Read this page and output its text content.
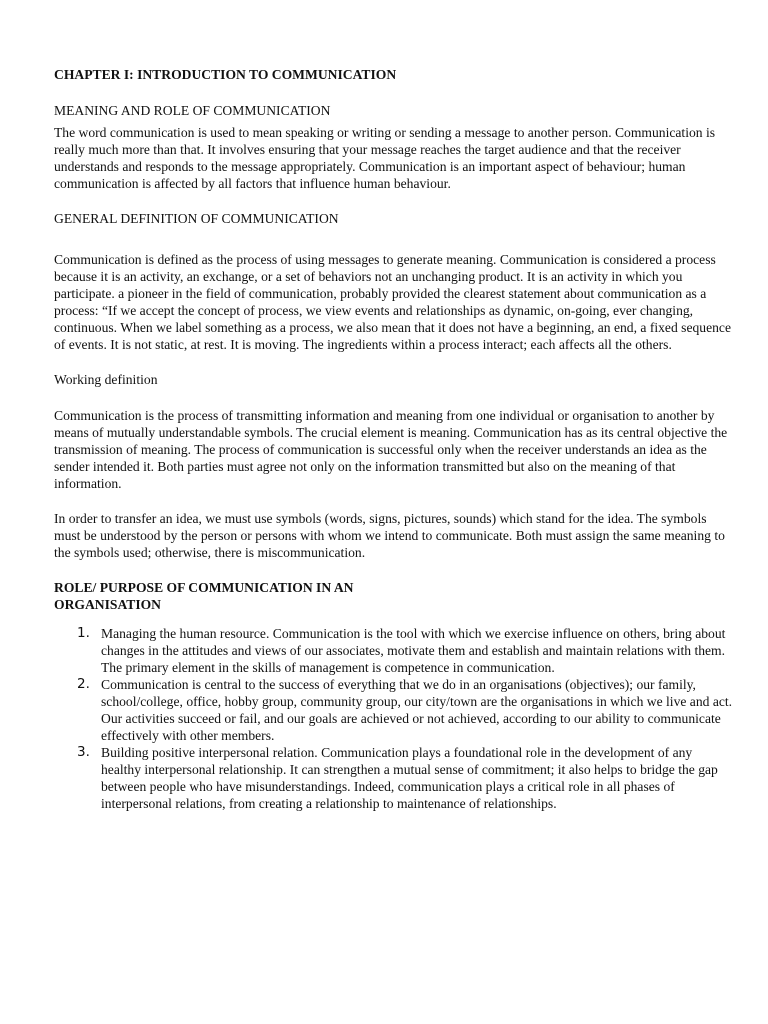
CHAPTER I: INTRODUCTION TO COMMUNICATION
MEANING AND ROLE OF COMMUNICATION

The word communication is used to mean speaking or writing or sending a message to another person. Communication is really much more than that. It involves ensuring that your message reaches the target audience and that the receiver understands and responds to the message appropriately. Communication is an important aspect of behaviour; human communication is affected by all factors that influence human behaviour.

GENERAL DEFINITION OF COMMUNICATION

Communication is defined as the process of using messages to generate meaning. Communication is considered a process because it is an activity, an exchange, or a set of behaviors not an unchanging product. It is an activity in which you participate. a pioneer in the field of communication, probably provided the clearest statement about communication as a process: “If we accept the concept of process, we view events and relationships as dynamic, on-going, ever changing, continuous. When we label something as a process, we also mean that it does not have a beginning, an end, a fixed sequence of events. It is not static, at rest. It is moving. The ingredients within a process interact; each affects all the others.

Working definition

Communication is the process of transmitting information and meaning from one individual or organisation to another by means of mutually understandable symbols. The crucial element is meaning. Communication has as its central objective the transmission of meaning. The process of communication is successful only when the receiver understands an idea as the sender intended it. Both parties must agree not only on the information transmitted but also on the meaning of that information.

In order to transfer an idea, we must use symbols (words, signs, pictures, sounds) which stand for the idea. The symbols must be understood by the person or persons with whom we intend to communicate. Both must assign the same meaning to the symbols used; otherwise, there is miscommunication.

ROLE/ PURPOSE OF COMMUNICATION IN AN ORGANISATION
1. Managing the human resource. Communication is the tool with which we exercise influence on others, bring about changes in the attitudes and views of our associates, motivate them and establish and maintain relations with them. The primary element in the skills of management is competence in communication.
2. Communication is central to the success of everything that we do in an organisations (objectives); our family, school/college, office, hobby group, community group, our city/town are the organisations in which we live and act. Our activities succeed or fail, and our goals are achieved or not achieved, according to our ability to communicate effectively with other members.
3. Building positive interpersonal relation. Communication plays a foundational role in the development of any healthy interpersonal relationship. It can strengthen a mutual sense of commitment; it also helps to bridge the gap between people who have misunderstandings. Indeed, communication plays a critical role in all phases of interpersonal relations, from creating a relationship to maintenance of relationships.
